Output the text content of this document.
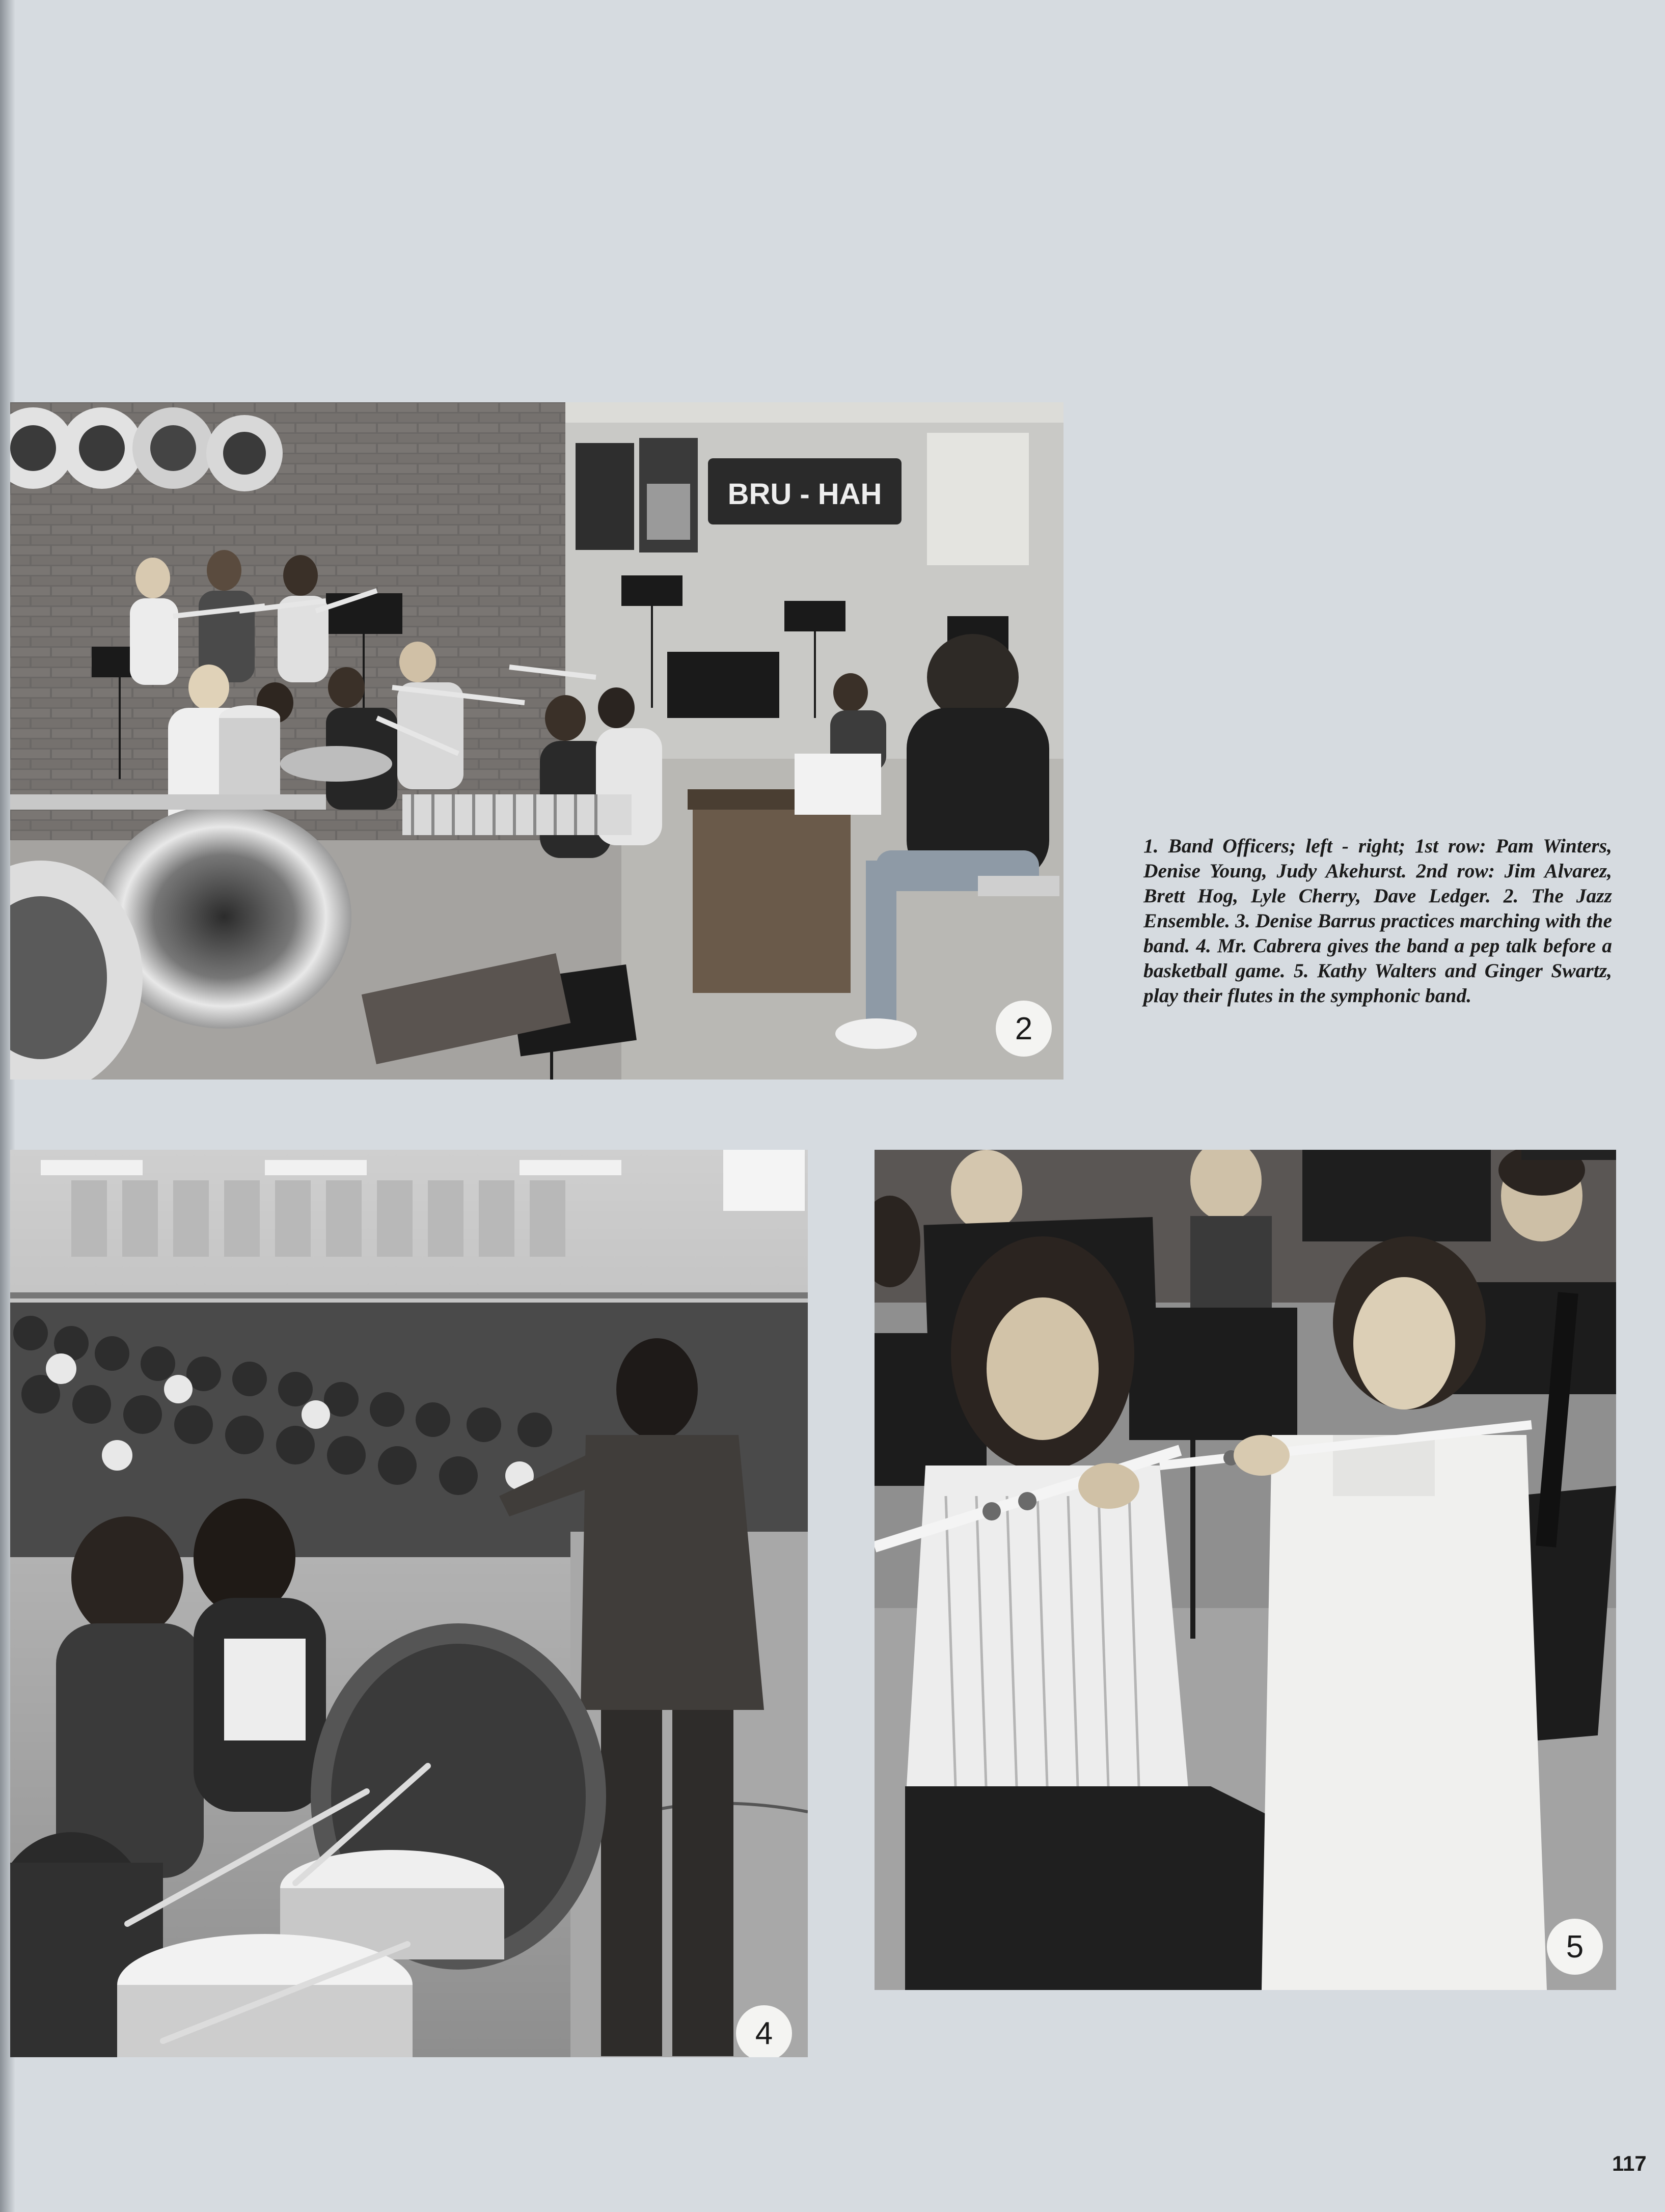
BRU - HAH
2
1. Band Officers; left - right; 1st row: Pam Winters, Denise Young, Judy Akehurst. 2nd row: Jim Alvarez, Brett Hog, Lyle Cherry, Dave Ledger. 2. The Jazz Ensemble. 3. Denise Barrus practices marching with the band. 4. Mr. Cabrera gives the band a pep talk before a basketball game. 5. Kathy Walters and Ginger Swartz, play their flutes in the symphonic band.
4
5
117
